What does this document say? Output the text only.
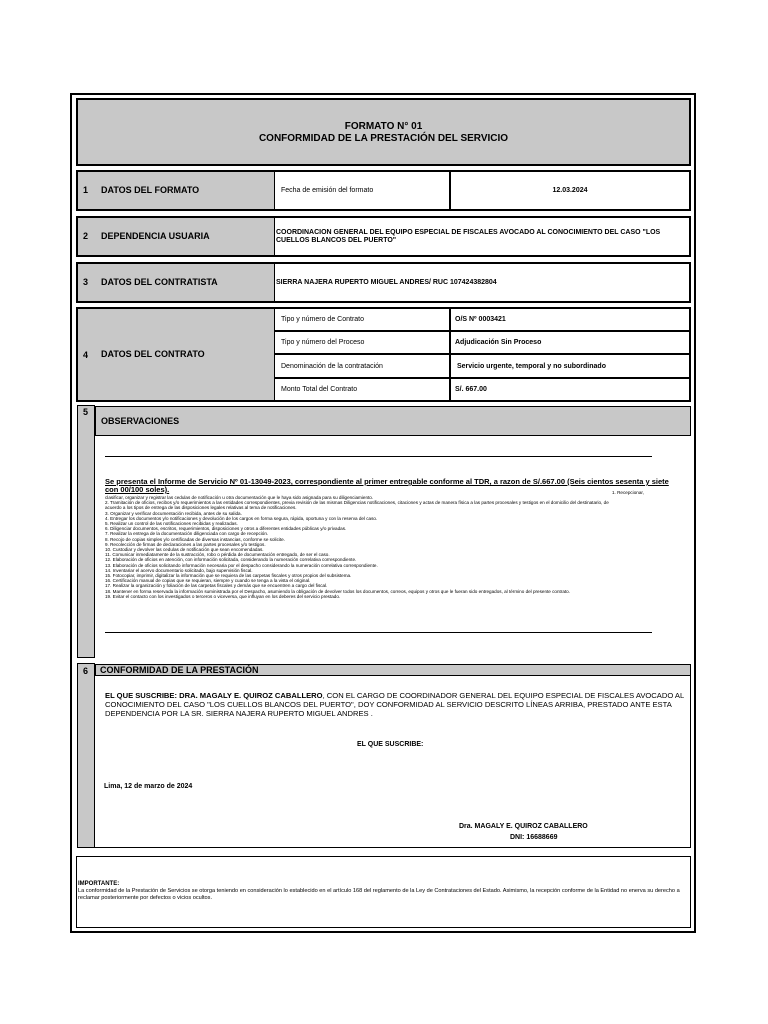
FORMATO N° 01
CONFORMIDAD DE LA PRESTACIÓN DEL SERVICIO
1 DATOS DEL FORMATO	Fecha de emisión del formato	12.03.2024
2 DEPENDENCIA USUARIA	COORDINACION GENERAL DEL EQUIPO ESPECIAL DE FISCALES AVOCADO AL CONOCIMIENTO DEL CASO "LOS CUELLOS BLANCOS DEL PUERTO"
3 DATOS DEL CONTRATISTA	SIERRA NAJERA RUPERTO MIGUEL ANDRES/ RUC 107424382804
4 DATOS DEL CONTRATO
Tipo y número de Contrato	O/S Nº 0003421
Tipo y número del Proceso	Adjudicación Sin Proceso
Denominación de la contratación	Servicio urgente, temporal y no subordinado
Monto Total del Contrato	S/. 667.00
5
OBSERVACIONES
Se presenta el Informe de Servicio Nº 01-13049-2023, correspondiente al primer entregable conforme al TDR, a razon de S/.667.00 (Seis cientos sesenta y siete con 00/100 soles).	1. Recepcionar,
clasificar, organizar y registrar las cedulas de notificación u otra documentación que le haya sido asignada para su diligenciamiento.
2. Tramitación de oficios, recibos y/o requerimientos a las entidades correspondientes, previa revisión de las mismas Diligencias notificaciones, citaciones y actas de manera física a las partes procesales y testigos en el domicilio del destinatario, de
acuerdo a los tipos de entrega de las disposiciones legales relativas al tema de notificaciones.
3. Organizar y verificar documentación recibida, antes de su salida.
4. Entregar los documentos y/o notificaciones y devolución de los cargos en forma segura, rápida, oportuna y con la reserva del caso.
5. Realizar un control de las notificaciones recibidas y realizadas.
6. Diligenciar documentos, escritos, requerimientos, disposiciones y otros a diferentes entidades públicas y/o privadas.
7. Realizar la entrega de la documentación diligenciada con cargo de recepción.
8. Recojo de copias simples y/o certificadas de diversas instancias, conforme se solicite.
9. Recolección de firmas de declaraciones a las partes procesales y/o testigos.
10. Custodiar y devolver las cedulas de notificación que sean encomendadas.
11. Comunicar inmediatamente de la sustracción, robo o pérdida de documentación entregado, de ser el caso.
12. Elaboración de oficios en atención, con información solicitada, considerando la numeración correlativa correspondiente.
13. Elaboración de oficios solicitando información necesaria por el despacho considerando la numeración correlativa correspondiente.
14. Inventariar el acervo documentario solicitado, bajo supervisión fiscal.
15. Fotocopiar, imprimir, digitalizar la información que se requiera de las carpetas fiscales y otros propios del subsistema.
16. Certificación manual de copias que se requieran, siempre y cuando se tenga a la vista el original.
17. Realizar la organización y foliación de las carpetas fiscales y demás que se encuentren a cargo del fiscal.
18. Mantener en forma reservada la información suministrada por el Despacho, asumiendo la obligación de devolver todos los documentos, correos, equipos y otros que le fueran sido entregados, al término del presente contrato.
19. Evitar el contacto con los investigados o terceros o viceversa, que influyan en los deberes del servicio prestado.
6 CONFORMIDAD DE LA PRESTACIÓN
EL QUE SUSCRIBE: DRA. MAGALY E. QUIROZ CABALLERO, CON EL CARGO DE COORDINADOR GENERAL DEL EQUIPO ESPECIAL DE FISCALES AVOCADO AL CONOCIMIENTO DEL CASO "LOS CUELLOS BLANCOS DEL PUERTO", DOY CONFORMIDAD AL SERVICIO DESCRITO LÍNEAS ARRIBA, PRESTADO ANTE ESTA DEPENDENCIA POR LA SR. SIERRA NAJERA RUPERTO MIGUEL ANDRES .
EL QUE SUSCRIBE:
Lima, 12 de marzo de 2024
Dra. MAGALY E. QUIROZ CABALLERO
DNI: 16688669
IMPORTANTE:
La conformidad de la Prestación de Servicios se otorga teniendo en consideración lo establecido en el artículo 168 del reglamento de la Ley de Contrataciones del Estado. Asimismo, la recepción conforme de la Entidad no enerva su derecho a reclamar posteriormente por defectos o vicios ocultos.
